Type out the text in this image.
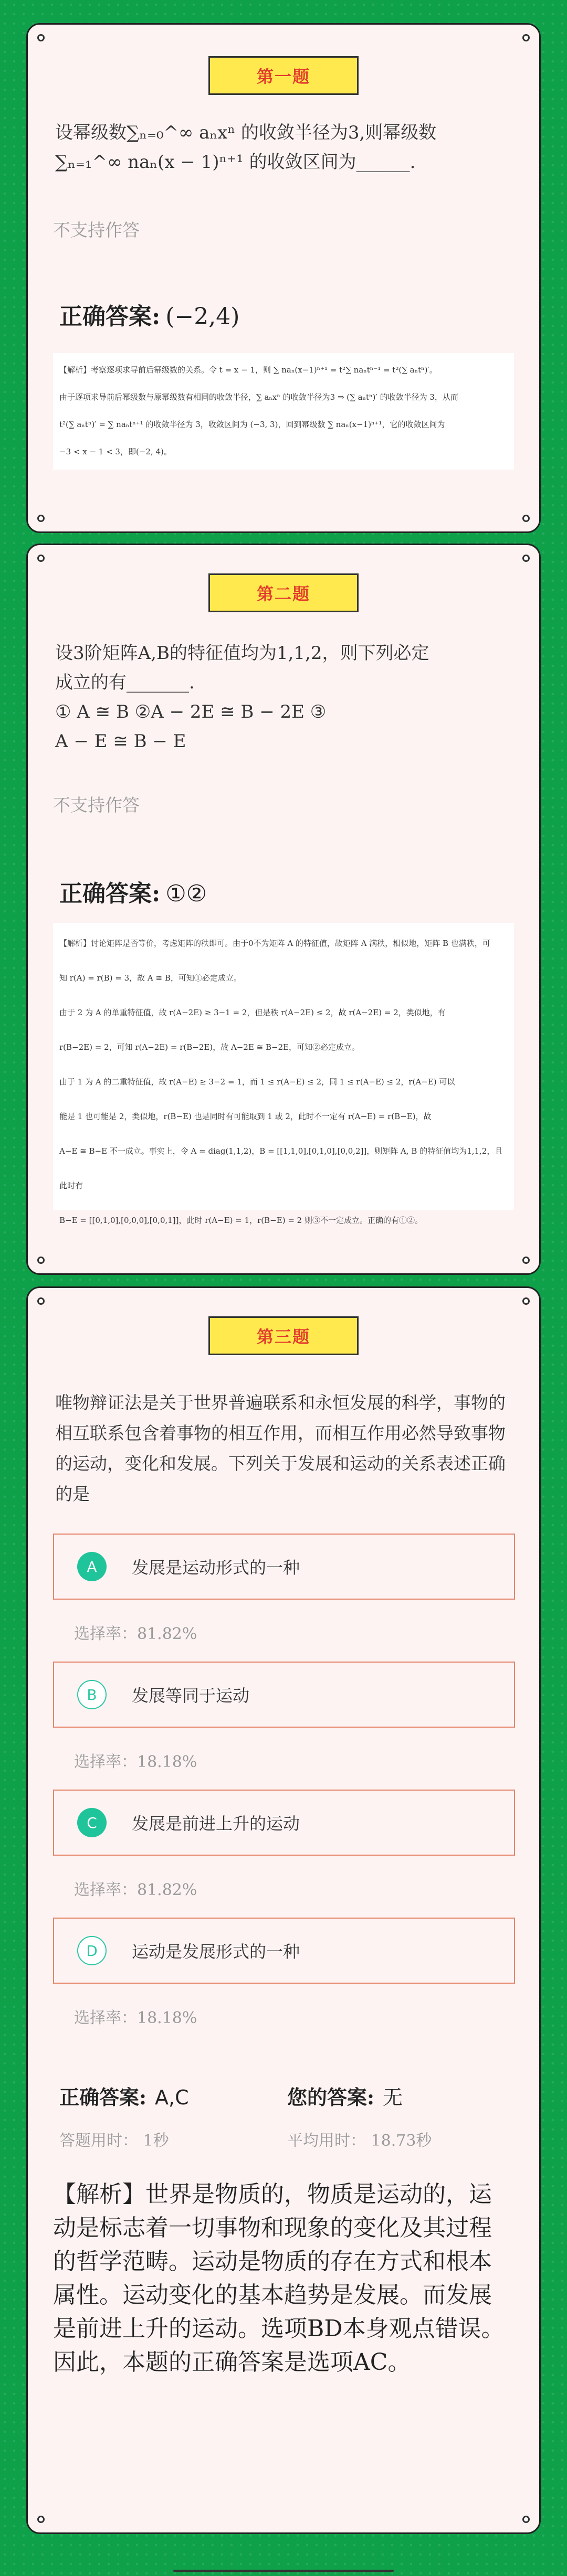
第一题
设幂级数∑ₙ₌₀^∞ aₙxⁿ 的收敛半径为3,则幂级数
∑ₙ₌₁^∞ naₙ(x − 1)ⁿ⁺¹ 的收敛区间为______.
不支持作答
正确答案: (−2,4)

【解析】考察逐项求导前后幂级数的关系。令 t = x − 1，则 ∑ naₙ(x−1)ⁿ⁺¹ = t²∑ naₙtⁿ⁻¹ = t²(∑ aₙtⁿ)′。

由于逐项求导前后幂级数与原幂级数有相同的收敛半径，∑ aₙxⁿ 的收敛半径为3 ⇒ (∑ aₙtⁿ)′ 的收敛半径为 3，从而

t²(∑ aₙtⁿ)′ = ∑ naₙtⁿ⁺¹ 的收敛半径为 3，收敛区间为 (−3, 3)，回到幂级数 ∑ naₙ(x−1)ⁿ⁺¹，它的收敛区间为

−3 < x − 1 < 3，即(−2, 4)。

第二题
设3阶矩阵A,B的特征值均为1,1,2，则下列必定
成立的有_______.
① A ≅ B ②A − 2E ≅ B − 2E ③
A − E ≅ B − E
不支持作答
正确答案: ①②

【解析】讨论矩阵是否等价，考虑矩阵的秩即可。由于0不为矩阵 A 的特征值，故矩阵 A 满秩，相似地，矩阵 B 也满秩，可

知 r(A) = r(B) = 3，故 A ≅ B，可知①必定成立。

由于 2 为 A 的单重特征值，故 r(A−2E) ≥ 3−1 = 2，但是秩 r(A−2E) ≤ 2，故 r(A−2E) = 2，类似地，有

r(B−2E) = 2，可知 r(A−2E) = r(B−2E)，故 A−2E ≅ B−2E，可知②必定成立。

由于 1 为 A 的二重特征值，故 r(A−E) ≥ 3−2 = 1，而 1 ≤ r(A−E) ≤ 2，同 1 ≤ r(A−E) ≤ 2，r(A−E) 可以

能是 1 也可能是 2，类似地，r(B−E) 也是同时有可能取到 1 或 2，此时不一定有 r(A−E) = r(B−E)，故

A−E ≅ B−E 不一成立。事实上，令 A = diag(1,1,2)，B = [[1,1,0],[0,1,0],[0,0,2]]，则矩阵 A, B 的特征值均为1,1,2，且此时有

B−E = [[0,1,0],[0,0,0],[0,0,1]]，此时 r(A−E) = 1，r(B−E) = 2 则③不一定成立。正确的有①②。

第三题
唯物辩证法是关于世界普遍联系和永恒发展的科学，事物的相互联系包含着事物的相互作用，而相互作用必然导致事物的运动，变化和发展。下列关于发展和运动的关系表述正确的是
A	发展是运动形式的一种
选择率：81.82%
B	发展等同于运动
选择率：18.18%
C	发展是前进上升的运动
选择率：81.82%
D	运动是发展形式的一种
选择率：18.18%
正确答案: A,C	您的答案: 无
答题用时： 1秒	平均用时： 18.73秒
【解析】世界是物质的，物质是运动的，运动是标志着一切事物和现象的变化及其过程的哲学范畴。运动是物质的存在方式和根本属性。运动变化的基本趋势是发展。而发展是前进上升的运动。选项BD本身观点错误。因此，本题的正确答案是选项AC。
